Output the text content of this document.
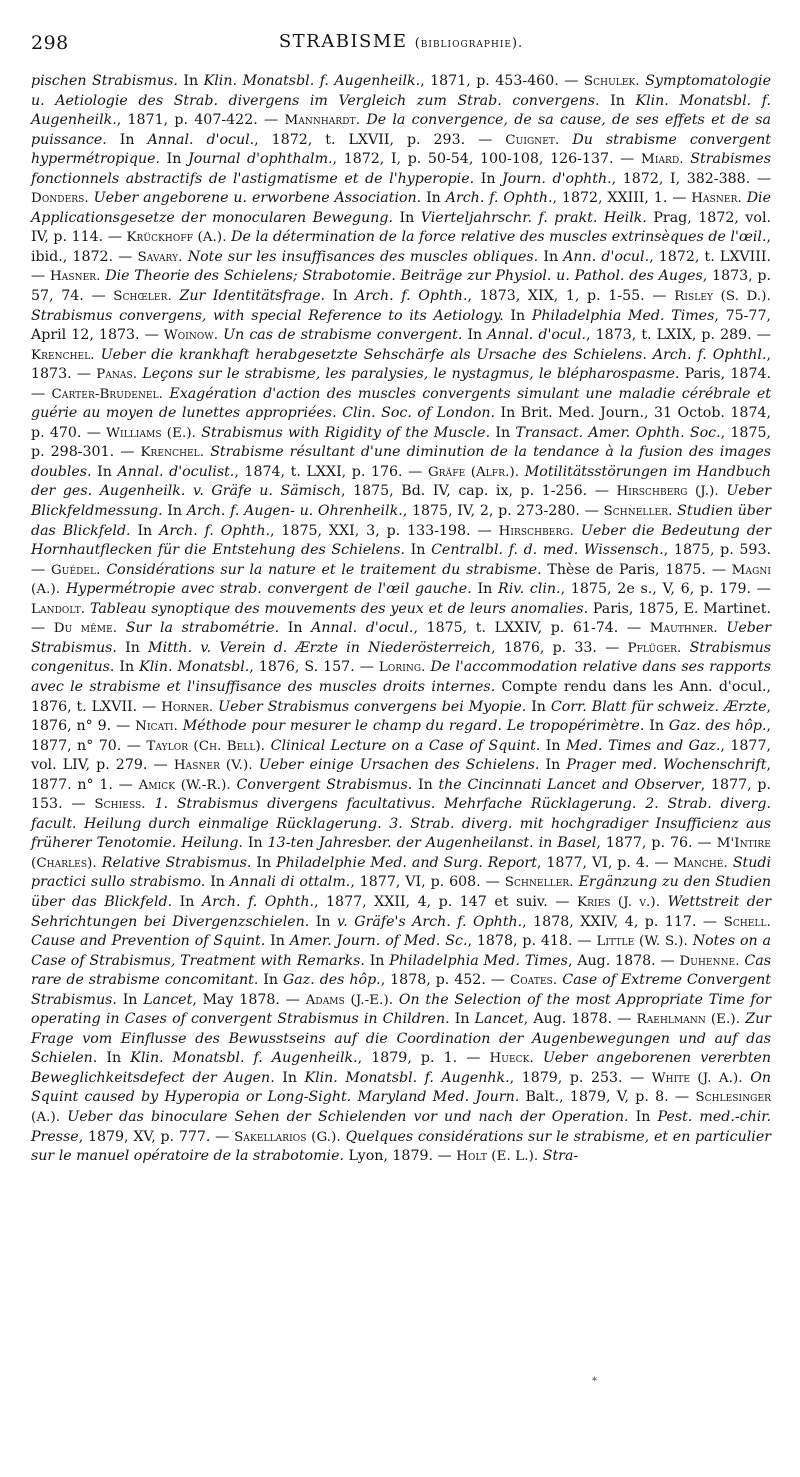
298	STRABISME (bibliographie).
pischen Strabismus. In Klin. Monatsbl. f. Augenheilk., 1871, p. 453-460. — Schulek. Symptomatologie u. Aetiologie des Strab. divergens im Vergleich zum Strab. convergens. In Klin. Monatsbl. f. Augenheilk., 1871, p. 407-422. — Mannhardt. De la convergence, de sa cause, de ses effets et de sa puissance. In Annal. d'ocul., 1872, t. LXVII, p. 293. — Cuignet. Du strabisme convergent hypermétropique. In Journal d'ophthalm., 1872, I, p. 50-54, 100-108, 126-137. — Miard. Strabismes fonctionnels abstractifs de l'astigmatisme et de l'hyperopie. In Journ. d'ophth., 1872, I, 382-388. — Donders. Ueber angeborene u. erworbene Association. In Arch. f. Ophth., 1872, XXIII, 1. — Hasner. Die Applicationsgesetze der monocularen Bewegung. In Vierteljahrschr. f. prakt. Heilk. Prag, 1872, vol. IV, p. 114. — Krückhoff (A.). De la détermination de la force relative des muscles extrinsèques de l'œil., ibid., 1872. — Savary. Note sur les insuffisances des muscles obliques. In Ann. d'ocul., 1872, t. LXVIII. — Hasner. Die Theorie des Schielens; Strabotomie. Beiträge zur Physiol. u. Pathol. des Auges, 1873, p. 57, 74. — Schœler. Zur Identitätsfrage. In Arch. f. Ophth., 1873, XIX, 1, p. 1-55. — Risley (S. D.). Strabismus convergens, with special Reference to its Aetiology. In Philadelphia Med. Times, 75-77, April 12, 1873. — Woinow. Un cas de strabisme convergent. In Annal. d'ocul., 1873, t. LXIX, p. 289. — Krenchel. Ueber die krankhaft herabgesetzte Sehschärfe als Ursache des Schielens. Arch. f. Ophthl., 1873. — Panas. Leçons sur le strabisme, les paralysies, le nystagmus, le blépharospasme. Paris, 1874. — Carter-Brudenel. Exagération d'action des muscles convergents simulant une maladie cérébrale et guérie au moyen de lunettes appropriées. Clin. Soc. of London. In Brit. Med. Journ., 31 Octob. 1874, p. 470. — Williams (E.). Strabismus with Rigidity of the Muscle. In Transact. Amer. Ophth. Soc., 1875, p. 298-301. — Krenchel. Strabisme résultant d'une diminution de la tendance à la fusion des images doubles. In Annal. d'oculist., 1874, t. LXXI, p. 176. — Gräfe (Alfr.). Motilitätsstörungen im Handbuch der ges. Augenheilk. v. Gräfe u. Sämisch, 1875, Bd. IV, cap. ix, p. 1-256. — Hirschberg (J.). Ueber Blickfeldmessung. In Arch. f. Augen- u. Ohrenheilk., 1875, IV, 2, p. 273-280. — Schneller. Studien über das Blickfeld. In Arch. f. Ophth., 1875, XXI, 3, p. 133-198. — Hirschberg. Ueber die Bedeutung der Hornhautflecken für die Entstehung des Schielens. In Centralbl. f. d. med. Wissensch., 1875, p. 593. — Guédel. Considérations sur la nature et le traitement du strabisme. Thèse de Paris, 1875. — Magni (A.). Hypermétropie avec strab. convergent de l'œil gauche. In Riv. clin., 1875, 2e s., V, 6, p. 179. — Landolt. Tableau synoptique des mouvements des yeux et de leurs anomalies. Paris, 1875, E. Martinet. — Du même. Sur la strabométrie. In Annal. d'ocul., 1875, t. LXXIV, p. 61-74. — Mauthner. Ueber Strabismus. In Mitth. v. Verein d. Ærzte in Niederösterreich, 1876, p. 33. — Pflüger. Strabismus congenitus. In Klin. Monatsbl., 1876, S. 157. — Loring. De l'accommodation relative dans ses rapports avec le strabisme et l'insuffisance des muscles droits internes. Compte rendu dans les Ann. d'ocul., 1876, t. LXVII. — Horner. Ueber Strabismus convergens bei Myopie. In Corr. Blatt für schweiz. Ærzte, 1876, n° 9. — Nicati. Méthode pour mesurer le champ du regard. Le tropopérimètre. In Gaz. des hôp., 1877, n° 70. — Taylor (Ch. Bell). Clinical Lecture on a Case of Squint. In Med. Times and Gaz., 1877, vol. LIV, p. 279. — Hasner (V.). Ueber einige Ursachen des Schielens. In Prager med. Wochenschrift, 1877. n° 1. — Amick (W.-R.). Convergent Strabismus. In the Cincinnati Lancet and Observer, 1877, p. 153. — Schiess. 1. Strabismus divergens facultativus. Mehrfache Rücklagerung. 2. Strab. diverg. facult. Heilung durch einmalige Rücklagerung. 3. Strab. diverg. mit hochgradiger Insufficienz aus früherer Tenotomie. Heilung. In 13-ten Jahresber. der Augenheilanst. in Basel, 1877, p. 76. — M'Intire (Charles). Relative Strabismus. In Philadelphie Med. and Surg. Report, 1877, VI, p. 4. — Manché. Studi practici sullo strabismo. In Annali di ottalm., 1877, VI, p. 608. — Schneller. Ergänzung zu den Studien über das Blickfeld. In Arch. f. Ophth., 1877, XXII, 4, p. 147 et suiv. — Kries (J. v.). Wettstreit der Sehrichtungen bei Divergenzschielen. In v. Gräfe's Arch. f. Ophth., 1878, XXIV, 4, p. 117. — Schell. Cause and Prevention of Squint. In Amer. Journ. of Med. Sc., 1878, p. 418. — Little (W. S.). Notes on a Case of Strabismus, Treatment with Remarks. In Philadelphia Med. Times, Aug. 1878. — Duhenne. Cas rare de strabisme concomitant. In Gaz. des hôp., 1878, p. 452. — Coates. Case of Extreme Convergent Strabismus. In Lancet, May 1878. — Adams (J.-E.). On the Selection of the most Appropriate Time for operating in Cases of convergent Strabismus in Children. In Lancet, Aug. 1878. — Raehlmann (E.). Zur Frage vom Einflusse des Bewusstseins auf die Coordination der Augenbewegungen und auf das Schielen. In Klin. Monatsbl. f. Augenheilk., 1879, p. 1. — Hueck. Ueber angeborenen vererbten Beweglichkeitsdefect der Augen. In Klin. Monatsbl. f. Augenhk., 1879, p. 253. — White (J. A.). On Squint caused by Hyperopia or Long-Sight. Maryland Med. Journ. Balt., 1879, V, p. 8. — Schlesinger (A.). Ueber das binoculare Sehen der Schielenden vor und nach der Operation. In Pest. med.-chir. Presse, 1879, XV, p. 777. — Sakellarios (G.). Quelques considérations sur le strabisme, et en particulier sur le manuel opératoire de la strabotomie. Lyon, 1879. — Holt (E. L.). Stra-
*
